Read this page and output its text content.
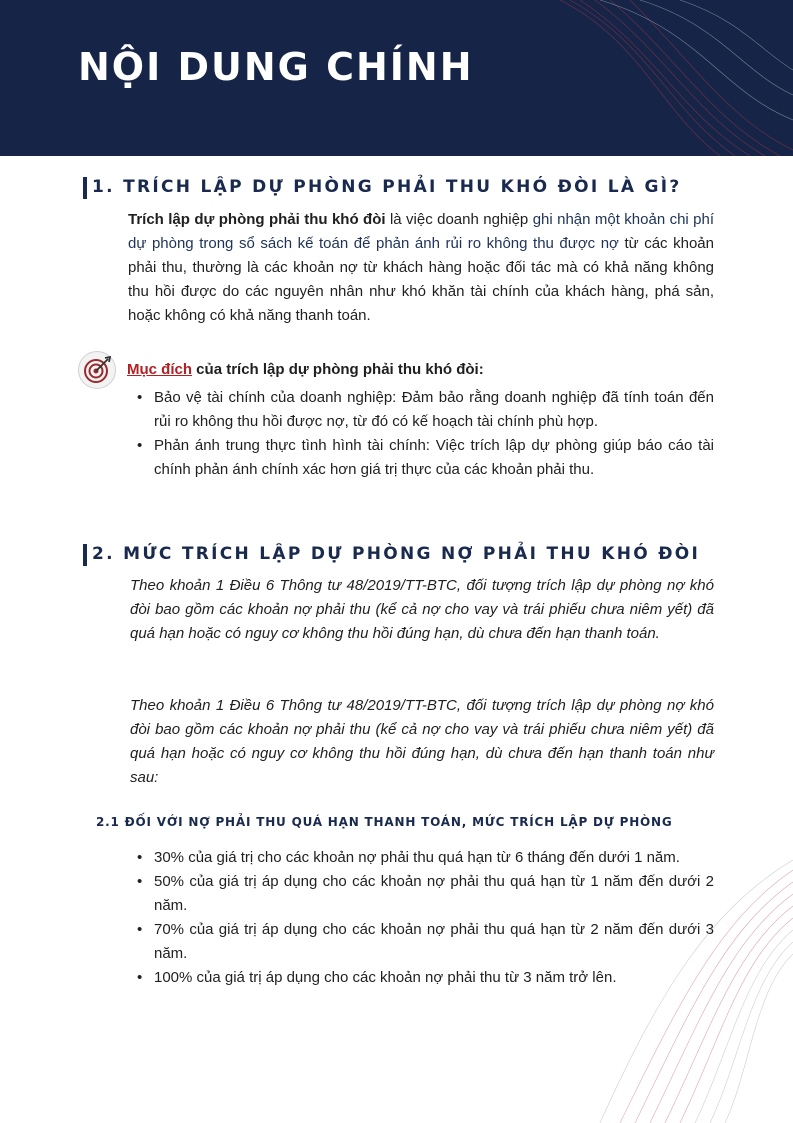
NỘI DUNG CHÍNH
1. TRÍCH LẬP DỰ PHÒNG PHẢI THU KHÓ ĐÒI LÀ GÌ?

Trích lập dự phòng phải thu khó đòi là việc doanh nghiệp ghi nhận một khoản chi phí dự phòng trong sổ sách kế toán để phản ánh rủi ro không thu được nợ từ các khoản phải thu, thường là các khoản nợ từ khách hàng hoặc đối tác mà có khả năng không thu hồi được do các nguyên nhân như khó khăn tài chính của khách hàng, phá sản, hoặc không có khả năng thanh toán.

Mục đích của trích lập dự phòng phải thu khó đòi:
• Bảo vệ tài chính của doanh nghiệp: Đảm bảo rằng doanh nghiệp đã tính toán đến rủi ro không thu hồi được nợ, từ đó có kế hoạch tài chính phù hợp.
• Phản ánh trung thực tình hình tài chính: Việc trích lập dự phòng giúp báo cáo tài chính phản ánh chính xác hơn giá trị thực của các khoản phải thu.
2. MỨC TRÍCH LẬP DỰ PHÒNG NỢ PHẢI THU KHÓ ĐÒI

Theo khoản 1 Điều 6 Thông tư 48/2019/TT-BTC, đối tượng trích lập dự phòng nợ khó đòi bao gồm các khoản nợ phải thu (kể cả nợ cho vay và trái phiếu chưa niêm yết) đã quá hạn hoặc có nguy cơ không thu hồi đúng hạn, dù chưa đến hạn thanh toán.

Theo khoản 1 Điều 6 Thông tư 48/2019/TT-BTC, đối tượng trích lập dự phòng nợ khó đòi bao gồm các khoản nợ phải thu (kể cả nợ cho vay và trái phiếu chưa niêm yết) đã quá hạn hoặc có nguy cơ không thu hồi đúng hạn, dù chưa đến hạn thanh toán như sau:

2.1 ĐỐI VỚI NỢ PHẢI THU QUÁ HẠN THANH TOÁN, MỨC TRÍCH LẬP DỰ PHÒNG
• 30% của giá trị cho các khoản nợ phải thu quá hạn từ 6 tháng đến dưới 1 năm.
• 50% của giá trị áp dụng cho các khoản nợ phải thu quá hạn từ 1 năm đến dưới 2 năm.
• 70% của giá trị áp dụng cho các khoản nợ phải thu quá hạn từ 2 năm đến dưới 3 năm.
• 100% của giá trị áp dụng cho các khoản nợ phải thu từ 3 năm trở lên.
